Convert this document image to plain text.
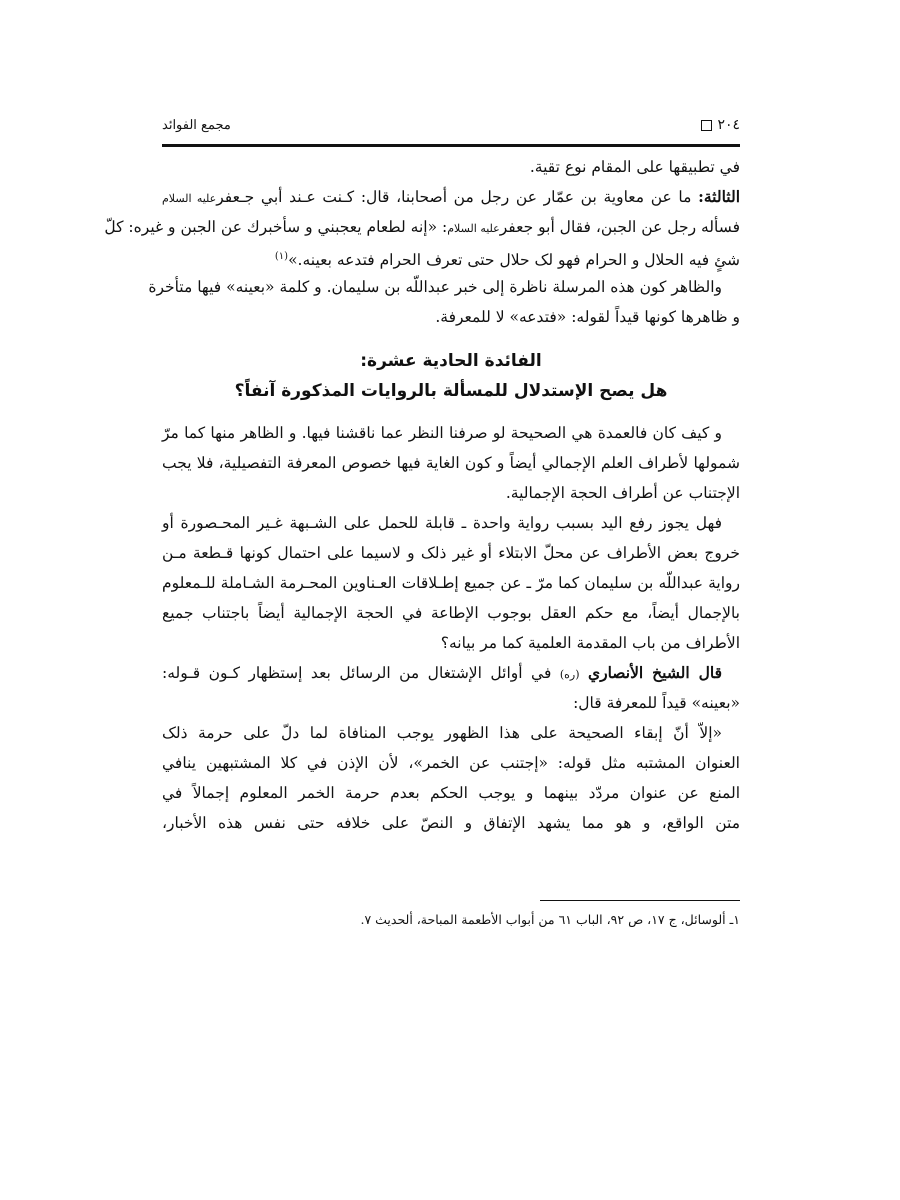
٢٠٤
مجمع الفوائد
في تطبيقها على المقام نوع تقية.
الثالثة: ما عن معاوية بن عمّار عن رجل من أصحابنا، قال: كـنت عـند أبي جـعفرعليه السلام
فسأله رجل عن الجبن، فقال أبو جعفرعليه السلام: «إنه لطعام يعجبني و سأخبرك عن الجبن و غيره: كلّ
شئٍ فيه الحلال و الحرام فهو لک حلال حتى تعرف الحرام فتدعه بعينه.»$^{(١)}$
والظاهر كون هذه المرسلة ناظرة إلى خبر عبداللّه بن سليمان. و كلمة «بعينه» فيها متأخرة
و ظاهرها كونها قيداً لقوله: «فتدعه» لا للمعرفة.
الفائدة الحادية عشرة:
هل يصح الإستدلال للمسألة بالروايات المذكورة آنفاً؟
و كيف كان فالعمدة هي الصحيحة لو صرفنا النظر عما ناقشنا فيها. و الظاهر منها كما مرّ
شمولها لأطراف العلم الإجمالي أيضاً و كون الغاية فيها خصوص المعرفة التفصيلية، فلا يجب
الإجتناب عن أطراف الحجة الإجمالية.
فهل يجوز رفع اليد بسبب رواية واحدة ـ قابلة للحمل على الشـبهة غـير المحـصورة أو
خروج بعض الأطراف عن محلّ الابتلاء أو غير ذلک و لاسيما على احتمال كونها قـطعة مـن
رواية عبداللّه بن سليمان كما مرّ ـ عن جميع إطـلاقات العـناوين المحـرمة الشـاملة للـمعلوم
بالإجمال أيضاً، مع حكم العقل بوجوب الإطاعة في الحجة الإجمالية أيضاً باجتناب جميع
الأطراف من باب المقدمة العلمية كما مر بيانه؟
قال الشيخ الأنصاري (ره) في أوائل الإشتغال من الرسائل بعد إستظهار كـون قـوله:
«بعينه» قيداً للمعرفة قال:
«إلاّ أنّ إبقاء الصحيحة على هذا الظهور يوجب المنافاة لما دلّ على حرمة ذلک
العنوان المشتبه مثل قوله: «إجتنب عن الخمر»، لأن الإذن في كلا المشتبهين ينافي
المنع عن عنوان مردّد بينهما و يوجب الحكم بعدم حرمة الخمر المعلوم إجمالاً في
متن الواقع، و هو مما يشهد الإتفاق و النصّ على خلافه حتى نفس هذه الأخبار،
١ـ ألوسائل، ج ١٧، ص ٩٢، الباب ٦١ من أبواب الأطعمة المباحة، ألحديث ٧.
